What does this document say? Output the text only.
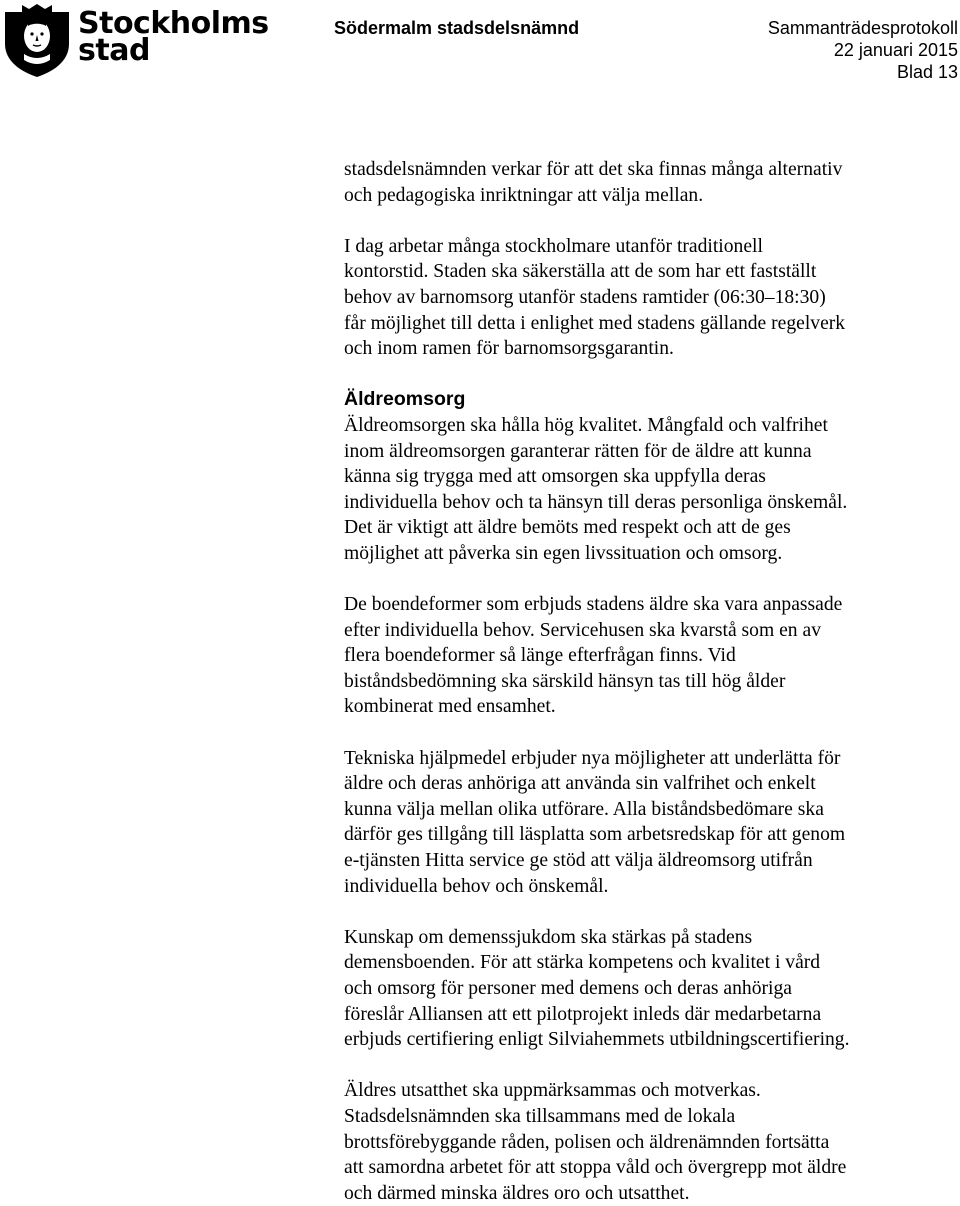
Stockholms
stad
Södermalm stadsdelsnämnd	Sammanträdesprotokoll
22 januari 2015
Blad 13

stadsdelsnämnden verkar för att det ska finnas många alternativ
och pedagogiska inriktningar att välja mellan.

I dag arbetar många stockholmare utanför traditionell
kontorstid. Staden ska säkerställa att de som har ett fastställt
behov av barnomsorg utanför stadens ramtider (06:30–18:30)
får möjlighet till detta i enlighet med stadens gällande regelverk
och inom ramen för barnomsorgsgarantin.

Äldreomsorg

Äldreomsorgen ska hålla hög kvalitet. Mångfald och valfrihet
inom äldreomsorgen garanterar rätten för de äldre att kunna
känna sig trygga med att omsorgen ska uppfylla deras
individuella behov och ta hänsyn till deras personliga önskemål.
Det är viktigt att äldre bemöts med respekt och att de ges
möjlighet att påverka sin egen livssituation och omsorg.

De boendeformer som erbjuds stadens äldre ska vara anpassade
efter individuella behov. Servicehusen ska kvarstå som en av
flera boendeformer så länge efterfrågan finns. Vid
biståndsbedömning ska särskild hänsyn tas till hög ålder
kombinerat med ensamhet.

Tekniska hjälpmedel erbjuder nya möjligheter att underlätta för
äldre och deras anhöriga att använda sin valfrihet och enkelt
kunna välja mellan olika utförare. Alla biståndsbedömare ska
därför ges tillgång till läsplatta som arbetsredskap för att genom
e-tjänsten Hitta service ge stöd att välja äldreomsorg utifrån
individuella behov och önskemål.

Kunskap om demenssjukdom ska stärkas på stadens
demensboenden. För att stärka kompetens och kvalitet i vård
och omsorg för personer med demens och deras anhöriga
föreslår Alliansen att ett pilotprojekt inleds där medarbetarna
erbjuds certifiering enligt Silviahemmets utbildningscertifiering.

Äldres utsatthet ska uppmärksammas och motverkas.
Stadsdelsnämnden ska tillsammans med de lokala
brottsförebyggande råden, polisen och äldrenämnden fortsätta
att samordna arbetet för att stoppa våld och övergrepp mot äldre
och därmed minska äldres oro och utsatthet.
